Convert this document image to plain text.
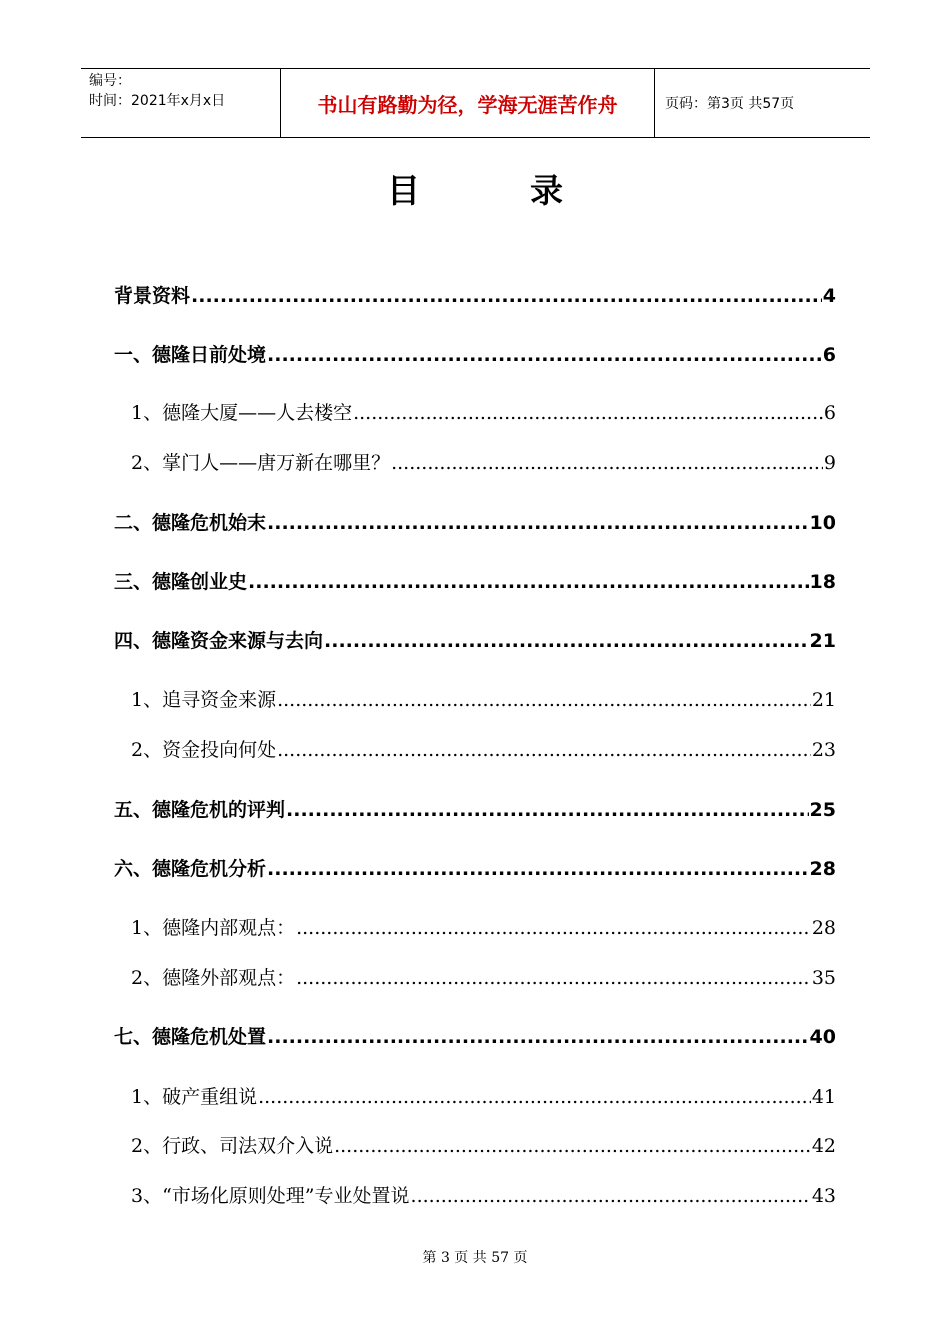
编号：
时间：2021年x月x日	书山有路勤为径，学海无涯苦作舟	页码：第3页 共57页
目录
背景资料 .....	4
一、德隆日前处境 .....	6
1、德隆大厦——人去楼空 .....	6
2、掌门人——唐万新在哪里？ .....	9
二、德隆危机始末 .....	10
三、德隆创业史 .....	18
四、德隆资金来源与去向 .....	21
1、追寻资金来源 .....	21
2、资金投向何处 .....	23
五、德隆危机的评判 .....	25
六、德隆危机分析 .....	28
1、德隆内部观点： .....	28
2、德隆外部观点： .....	35
七、德隆危机处置 .....	40
1、破产重组说 .....	41
2、行政、司法双介入说 .....	42
3、“市场化原则处理”专业处置说 .....	43
第 3 页 共 57 页
